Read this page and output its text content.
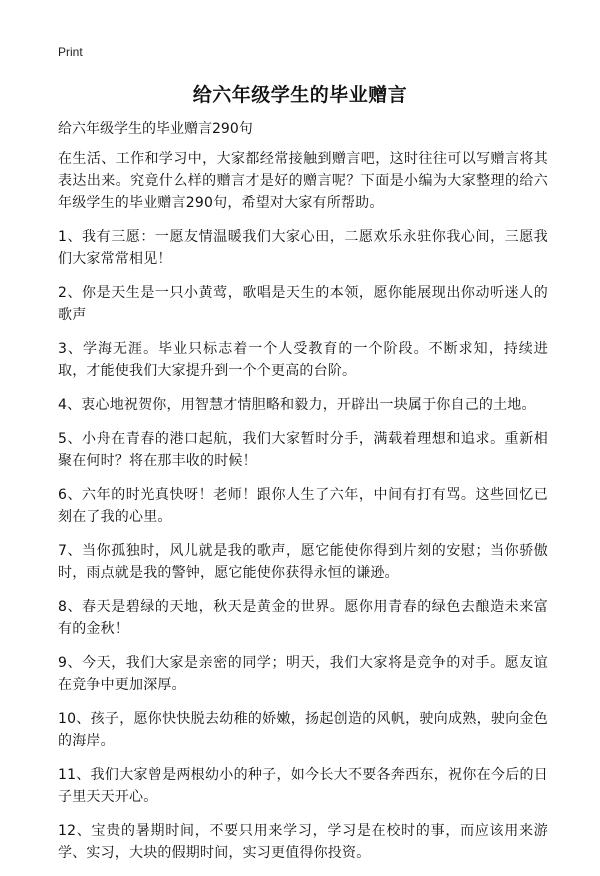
Print
给六年级学生的毕业赠言

给六年级学生的毕业赠言290句

在生活、工作和学习中，大家都经常接触到赠言吧，这时往往可以写赠言将其表达出来。究竟什么样的赠言才是好的赠言呢？下面是小编为大家整理的给六年级学生的毕业赠言290句，希望对大家有所帮助。

1、我有三愿：一愿友情温暖我们大家心田，二愿欢乐永驻你我心间，三愿我们大家常常相见！

2、你是天生是一只小黄莺，歌唱是天生的本领，愿你能展现出你动听迷人的歌声

3、学海无涯。毕业只标志着一个人受教育的一个阶段。不断求知，持续进取，才能使我们大家提升到一个个更高的台阶。

4、衷心地祝贺你，用智慧才情胆略和毅力，开辟出一块属于你自己的土地。

5、小舟在青春的港口起航，我们大家暂时分手，满载着理想和追求。重新相聚在何时？将在那丰收的时候！

6、六年的时光真快呀！老师！跟你人生了六年，中间有打有骂。这些回忆已刻在了我的心里。

7、当你孤独时，风儿就是我的歌声，愿它能使你得到片刻的安慰；当你骄傲时，雨点就是我的警钟，愿它能使你获得永恒的谦逊。

8、春天是碧绿的天地，秋天是黄金的世界。愿你用青春的绿色去酿造未来富有的金秋！

9、今天，我们大家是亲密的同学；明天，我们大家将是竞争的对手。愿友谊在竞争中更加深厚。

10、孩子，愿你快快脱去幼稚的娇嫩，扬起创造的风帆，驶向成熟，驶向金色的海岸。

11、我们大家曾是两根幼小的种子，如今长大不要各奔西东，祝你在今后的日子里天天开心。

12、宝贵的暑期时间，不要只用来学习，学习是在校时的事，而应该用来游学、实习，大块的假期时间，实习更值得你投资。
